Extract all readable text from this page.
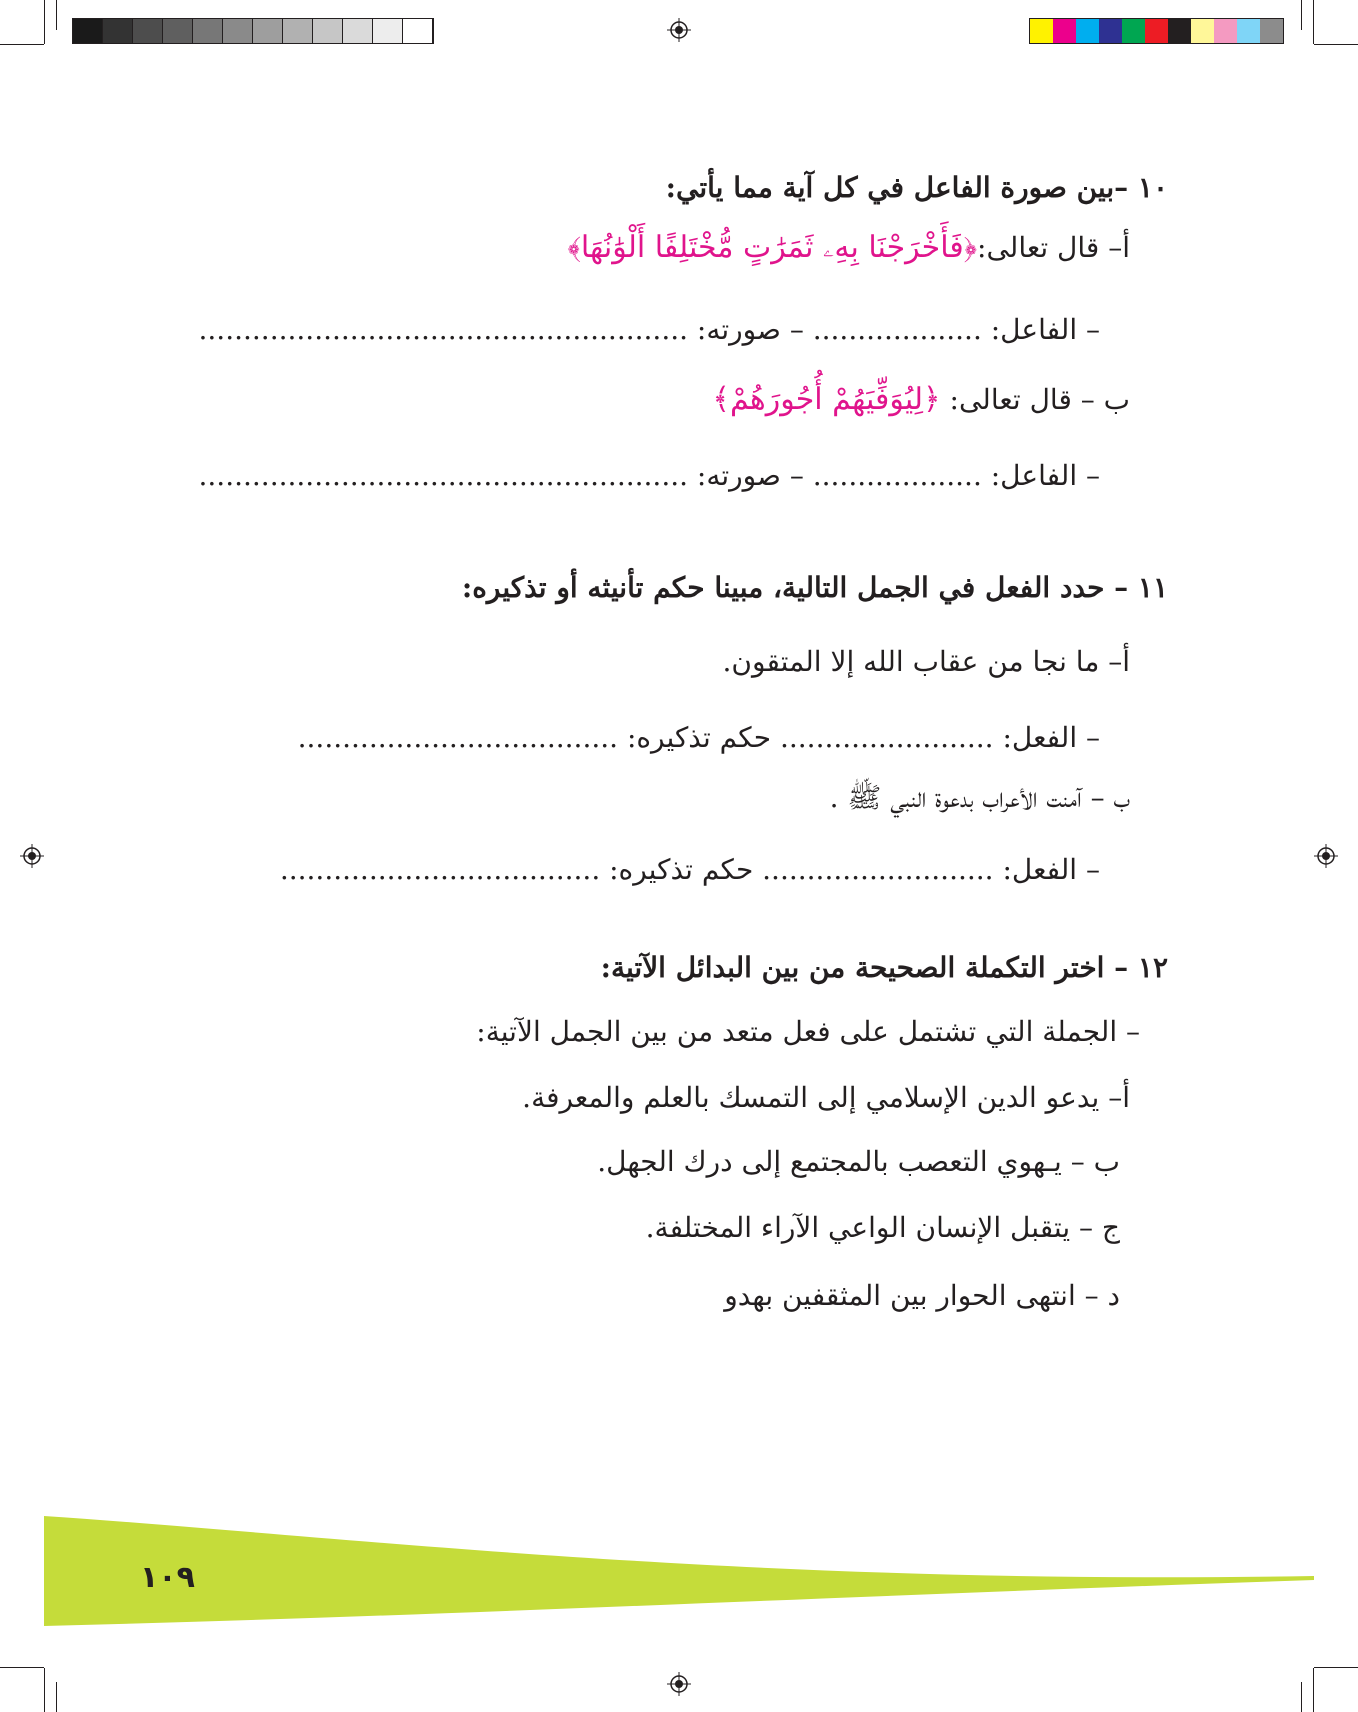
١٠ –بين صورة الفاعل في كل آية مما يأتي:
أ– قال تعالى:﴿فَأَخْرَجْنَا بِهِۦ ثَمَرَٰتٍ مُّخْتَلِفًا أَلْوَٰنُهَا﴾
– الفاعل: ................... – صورته: .......................................................
ب – قال تعالى: ﴿لِيُوَفِّيَهُمْ أُجُورَهُمْ﴾
– الفاعل: ................... – صورته: .......................................................
١١ – حدد الفعل في الجمل التالية، مبينا حكم تأنيثه أو تذكيره:
أ– ما نجا من عقاب الله إلا المتقون.
– الفعل: ........................ حكم تذكيره: ....................................
ب – آمنت الأعراب بدعوة النبي ﷺ .
– الفعل: .......................... حكم تذكيره: ....................................
١٢ – اختر التكملة الصحيحة من بين البدائل الآتية:
– الجملة التي تشتمل على فعل متعد من بين الجمل الآتية:
أ– يدعو الدين الإسلامي إلى التمسك بالعلم والمعرفة.
ب – يـهوي التعصب بالمجتمع إلى درك الجهل.
ج – يتقبل الإنسان الواعي الآراء المختلفة.
د – انتهى الحوار بين المثقفين بهدو
١٠٩
